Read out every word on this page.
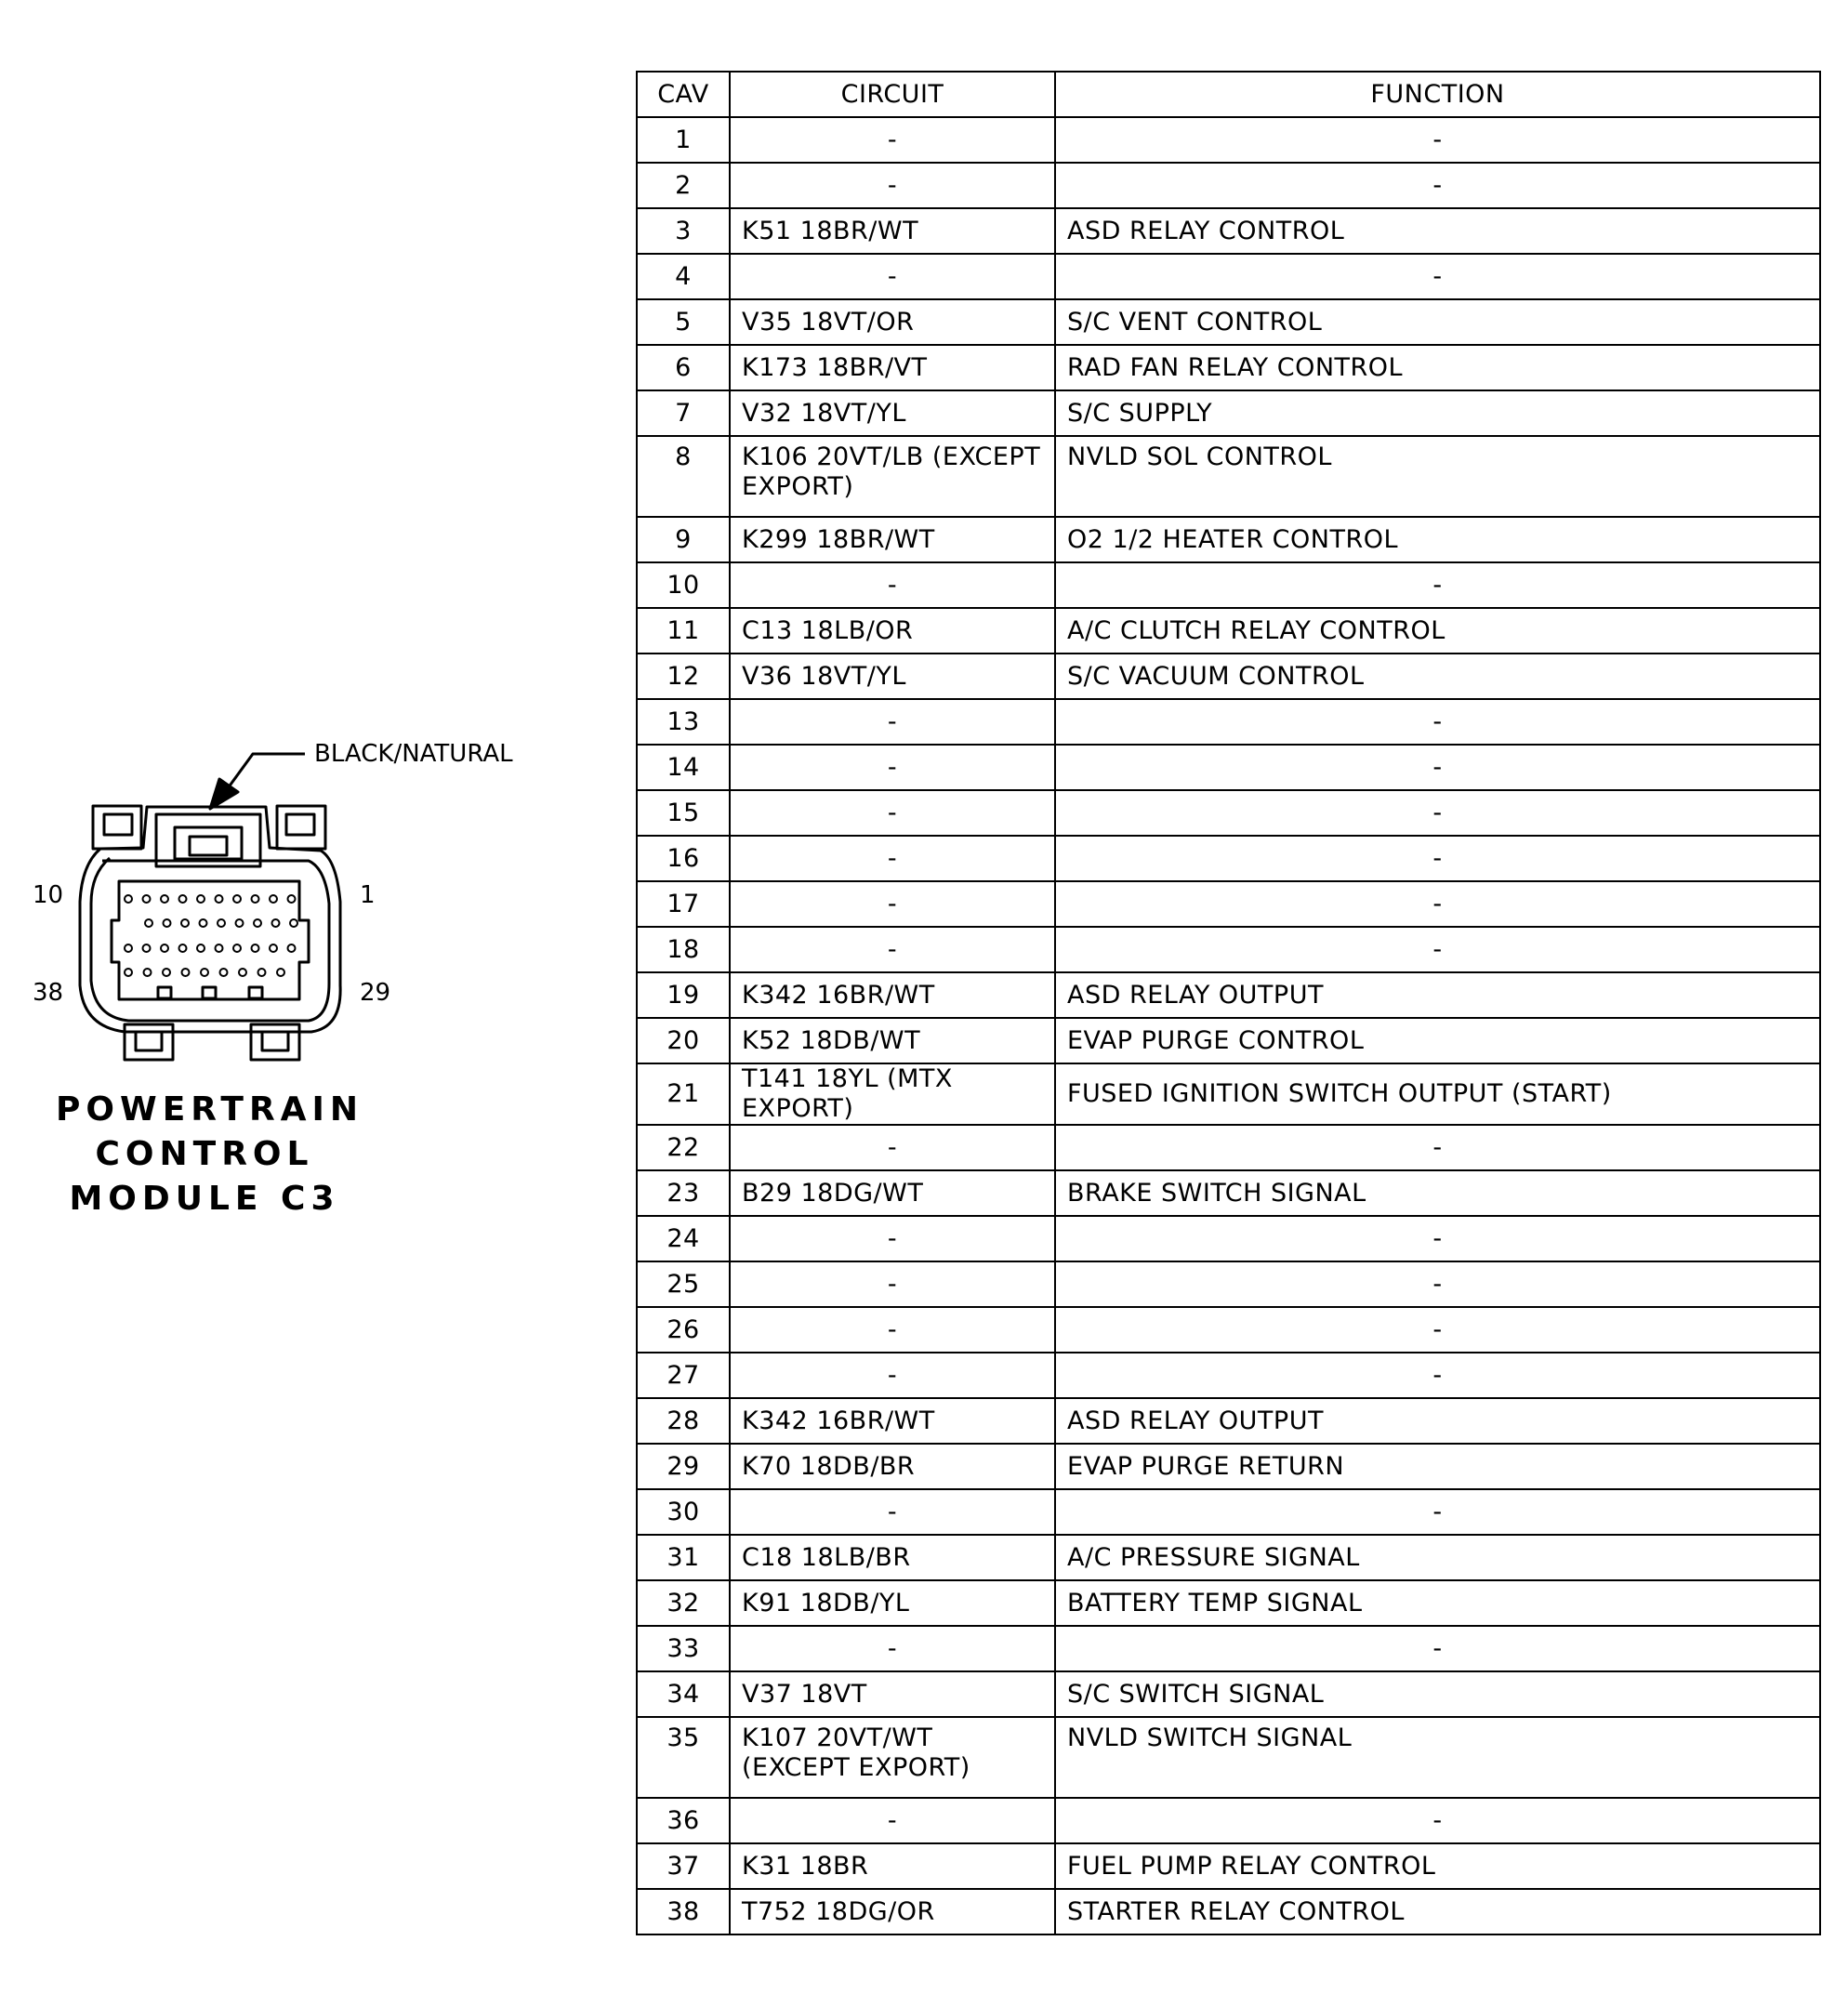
BLACK/NATURAL
10	1
38	29
POWERTRAIN
CONTROL
MODULE C3
CAV	CIRCUIT	FUNCTION
1	-	-
2	-	-
3	K51 18BR/WT	ASD RELAY CONTROL
4	-	-
5	V35 18VT/OR	S/C VENT CONTROL
6	K173 18BR/VT	RAD FAN RELAY CONTROL
7	V32 18VT/YL	S/C SUPPLY
8	K106 20VT/LB (EXCEPT EXPORT)	NVLD SOL CONTROL
9	K299 18BR/WT	O2 1/2 HEATER CONTROL
10	-	-
11	C13 18LB/OR	A/C CLUTCH RELAY CONTROL
12	V36 18VT/YL	S/C VACUUM CONTROL
13	-	-
14	-	-
15	-	-
16	-	-
17	-	-
18	-	-
19	K342 16BR/WT	ASD RELAY OUTPUT
20	K52 18DB/WT	EVAP PURGE CONTROL
21	T141 18YL (MTX EXPORT)	FUSED IGNITION SWITCH OUTPUT (START)
22	-	-
23	B29 18DG/WT	BRAKE SWITCH SIGNAL
24	-	-
25	-	-
26	-	-
27	-	-
28	K342 16BR/WT	ASD RELAY OUTPUT
29	K70 18DB/BR	EVAP PURGE RETURN
30	-	-
31	C18 18LB/BR	A/C PRESSURE SIGNAL
32	K91 18DB/YL	BATTERY TEMP SIGNAL
33	-	-
34	V37 18VT	S/C SWITCH SIGNAL
35	K107 20VT/WT (EXCEPT EXPORT)	NVLD SWITCH SIGNAL
36	-	-
37	K31 18BR	FUEL PUMP RELAY CONTROL
38	T752 18DG/OR	STARTER RELAY CONTROL
